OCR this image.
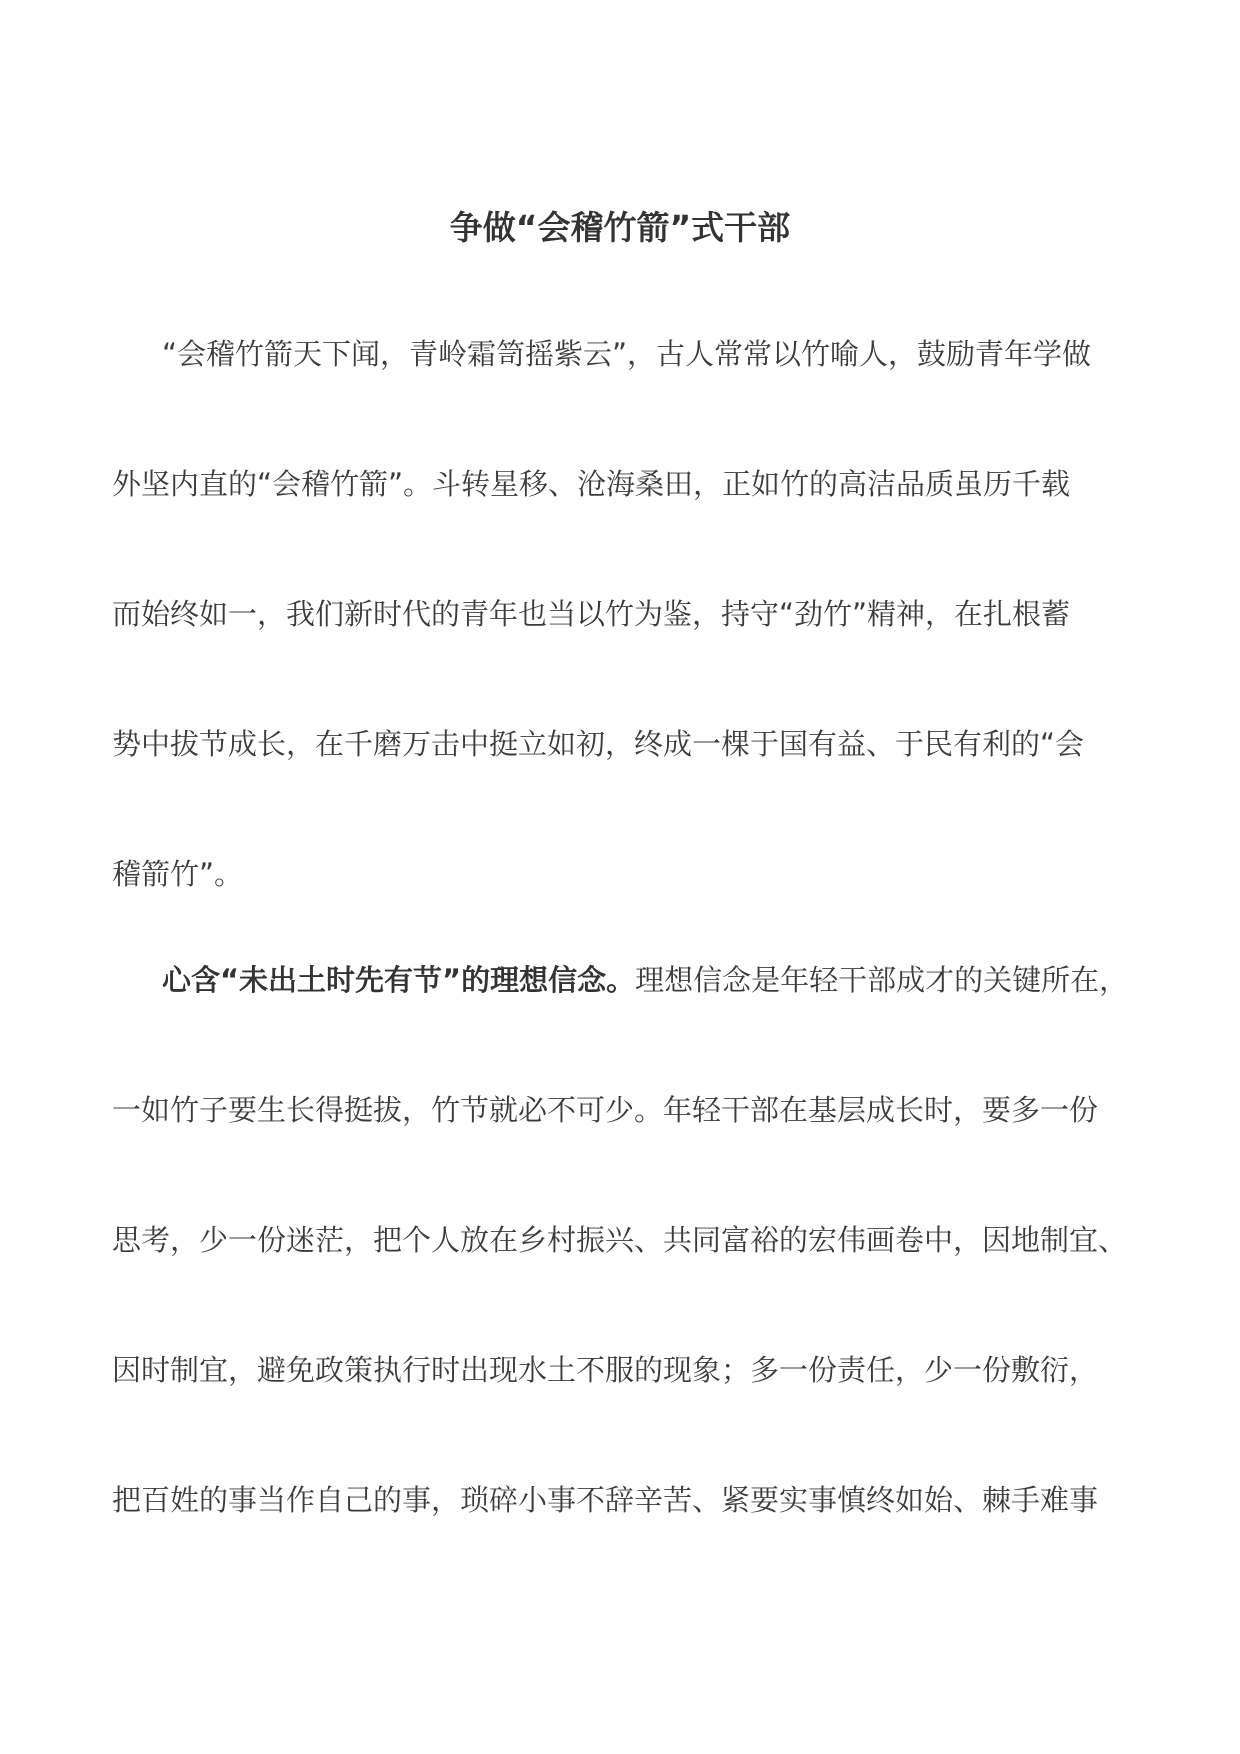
争做“会稽竹箭”式干部
“会稽竹箭天下闻，青岭霜笥摇紫云”，古人常常以竹喻人，鼓励青年学做
外坚内直的“会稽竹箭”。斗转星移、沧海桑田，正如竹的高洁品质虽历千载
而始终如一，我们新时代的青年也当以竹为鉴，持守“劲竹”精神，在扎根蓄
势中拔节成长，在千磨万击中挺立如初，终成一棵于国有益、于民有利的“会
稽箭竹”。
心含“未出土时先有节”的理想信念。理想信念是年轻干部成才的关键所在，
一如竹子要生长得挺拔，竹节就必不可少。年轻干部在基层成长时，要多一份
思考，少一份迷茫，把个人放在乡村振兴、共同富裕的宏伟画卷中，因地制宜、
因时制宜，避免政策执行时出现水土不服的现象；多一份责任，少一份敷衍，
把百姓的事当作自己的事，琐碎小事不辞辛苦、紧要实事慎终如始、棘手难事
